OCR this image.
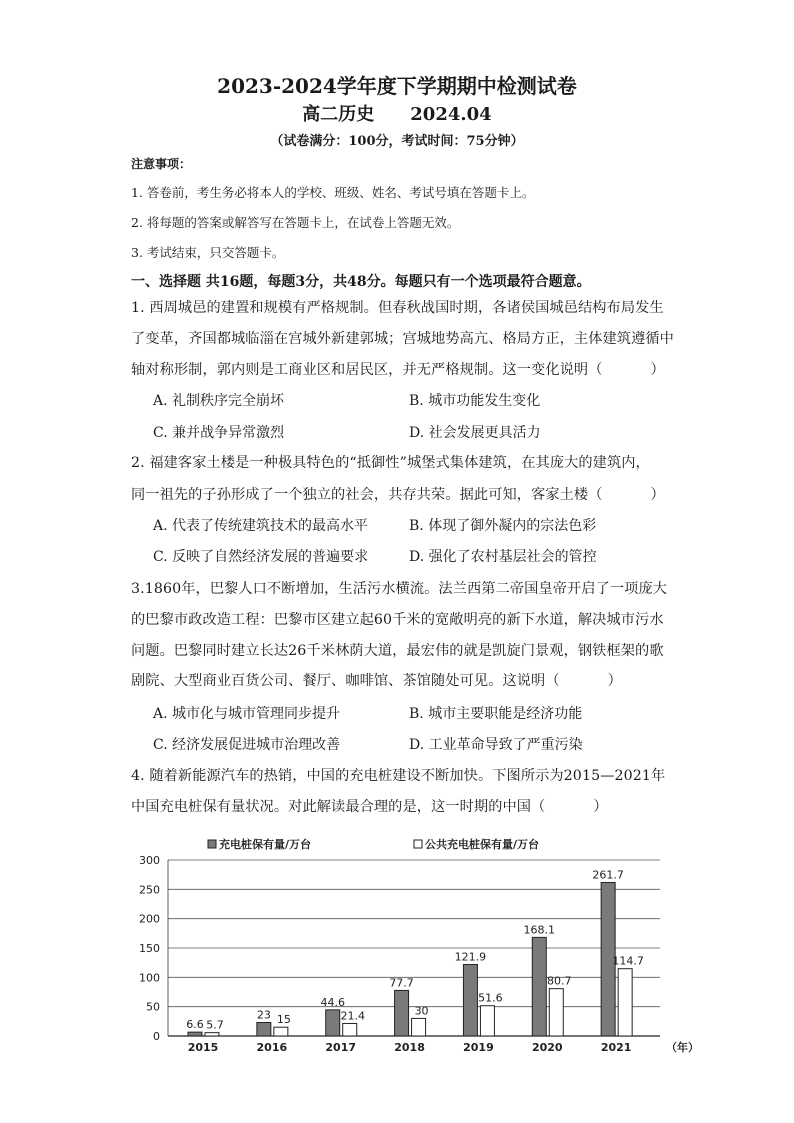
2023-2024学年度下学期期中检测试卷
高二历史 2024.04
（试卷满分：100分，考试时间：75分钟）
注意事项：
1. 答卷前，考生务必将本人的学校、班级、姓名、考试号填在答题卡上。
2. 将每题的答案或解答写在答题卡上，在试卷上答题无效。
3. 考试结束，只交答题卡。
一、选择题 共16题，每题3分，共48分。每题只有一个选项最符合题意。
1. 西周城邑的建置和规模有严格规制。但春秋战国时期，各诸侯国城邑结构布局发生
了变革，齐国都城临淄在宫城外新建郭城；宫城地势高亢、格局方正，主体建筑遵循中
轴对称形制，郭内则是工商业区和居民区，并无严格规制。这一变化说明（	）
A. 礼制秩序完全崩坏	B. 城市功能发生变化
C. 兼并战争异常激烈	D. 社会发展更具活力
2. 福建客家土楼是一种极具特色的“抵御性”城堡式集体建筑，在其庞大的建筑内，
同一祖先的子孙形成了一个独立的社会，共存共荣。据此可知，客家土楼（	）
A. 代表了传统建筑技术的最高水平	B. 体现了御外凝内的宗法色彩
C. 反映了自然经济发展的普遍要求	D. 强化了农村基层社会的管控
3.1860年，巴黎人口不断增加，生活污水横流。法兰西第二帝国皇帝开启了一项庞大
的巴黎市政改造工程：巴黎市区建立起60千米的宽敞明亮的新下水道，解决城市污水
问题。巴黎同时建立长达26千米林荫大道，最宏伟的就是凯旋门景观，钢铁框架的歌
剧院、大型商业百货公司、餐厅、咖啡馆、茶馆随处可见。这说明（	）
A. 城市化与城市管理同步提升	B. 城市主要职能是经济功能
C. 经济发展促进城市治理改善	D. 工业革命导致了严重污染
4. 随着新能源汽车的热销，中国的充电桩建设不断加快。下图所示为2015—2021年
中国充电桩保有量状况。对此解读最合理的是，这一时期的中国（	）
0
50
100
150
200
250
300
充电桩保有量/万台	公共充电桩保有量/万台
6.6 5.7
2015
23 15
2016
44.6
21.4
2017
77.7
30
2018
121.9
51.6
2019
168.1
80.7
2020
261.7
114.7
2021	（年）
